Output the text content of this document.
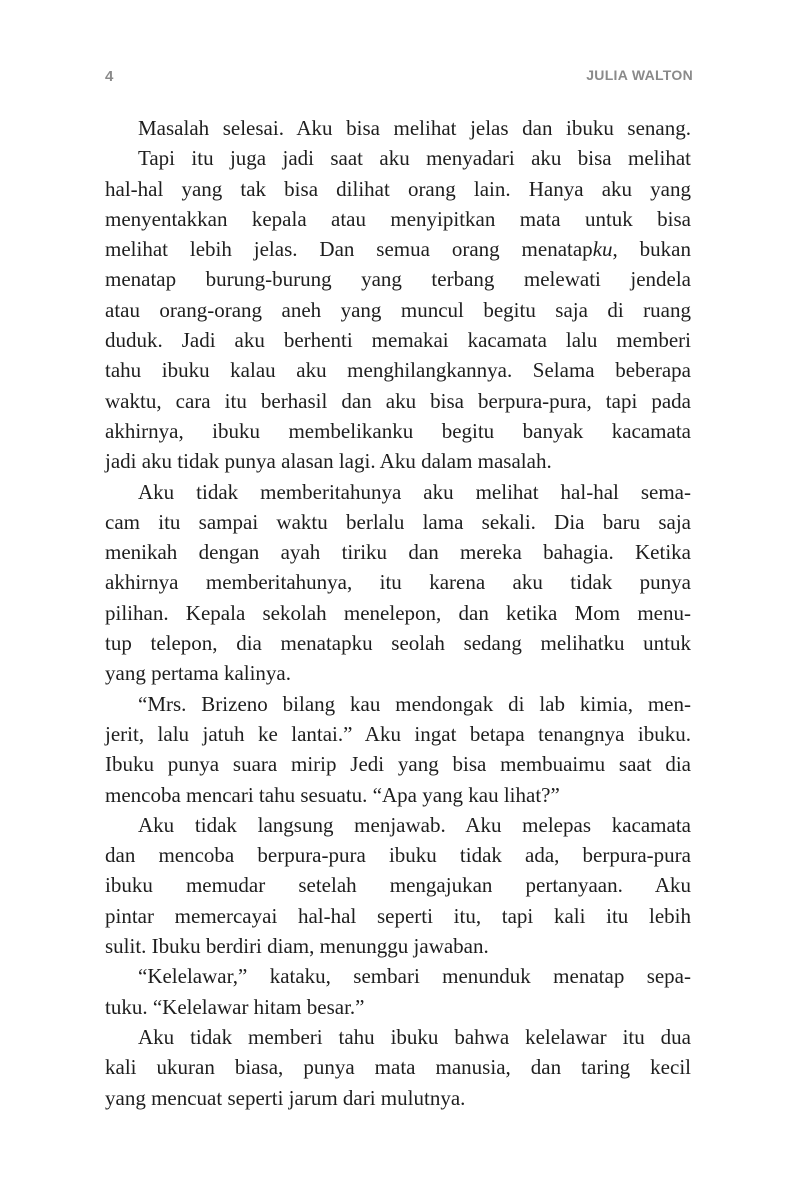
4	JULIA WALTON
Masalah selesai. Aku bisa melihat jelas dan ibuku senang.
Tapi itu juga jadi saat aku menyadari aku bisa melihat
hal-hal yang tak bisa dilihat orang lain. Hanya aku yang
menyentakkan kepala atau menyipitkan mata untuk bisa
melihat lebih jelas. Dan semua orang menatapku, bukan
menatap burung-burung yang terbang melewati jendela
atau orang-orang aneh yang muncul begitu saja di ruang
duduk. Jadi aku berhenti memakai kacamata lalu memberi
tahu ibuku kalau aku menghilangkannya. Selama beberapa
waktu, cara itu berhasil dan aku bisa berpura-pura, tapi pada
akhirnya, ibuku membelikanku begitu banyak kacamata
jadi aku tidak punya alasan lagi. Aku dalam masalah.
Aku tidak memberitahunya aku melihat hal-hal sema-
cam itu sampai waktu berlalu lama sekali. Dia baru saja
menikah dengan ayah tiriku dan mereka bahagia. Ketika
akhirnya memberitahunya, itu karena aku tidak punya
pilihan. Kepala sekolah menelepon, dan ketika Mom menu-
tup telepon, dia menatapku seolah sedang melihatku untuk
yang pertama kalinya.
“Mrs. Brizeno bilang kau mendongak di lab kimia, men-
jerit, lalu jatuh ke lantai.” Aku ingat betapa tenangnya ibuku.
Ibuku punya suara mirip Jedi yang bisa membuaimu saat dia
mencoba mencari tahu sesuatu. “Apa yang kau lihat?”
Aku tidak langsung menjawab. Aku melepas kacamata
dan mencoba berpura-pura ibuku tidak ada, berpura-pura
ibuku memudar setelah mengajukan pertanyaan. Aku
pintar memercayai hal-hal seperti itu, tapi kali itu lebih
sulit. Ibuku berdiri diam, menunggu jawaban.
“Kelelawar,” kataku, sembari menunduk menatap sepa-
tuku. “Kelelawar hitam besar.”
Aku tidak memberi tahu ibuku bahwa kelelawar itu dua
kali ukuran biasa, punya mata manusia, dan taring kecil
yang mencuat seperti jarum dari mulutnya.
